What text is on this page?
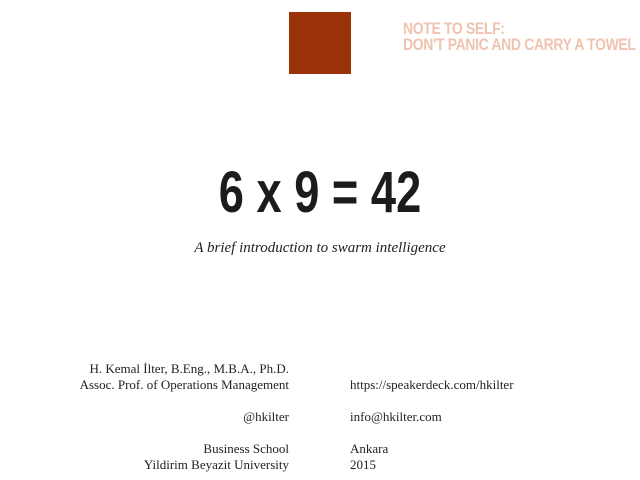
NOTE TO SELF:
DON'T PANIC AND CARRY A TOWEL
6 x 9 = 42
A brief introduction to swarm intelligence
H. Kemal İlter, B.Eng., M.B.A., Ph.D.
Assoc. Prof. of Operations Management
@hkilter
Business School
Yildirim Beyazit University
https://speakerdeck.com/hkilter
info@hkilter.com
Ankara
2015
